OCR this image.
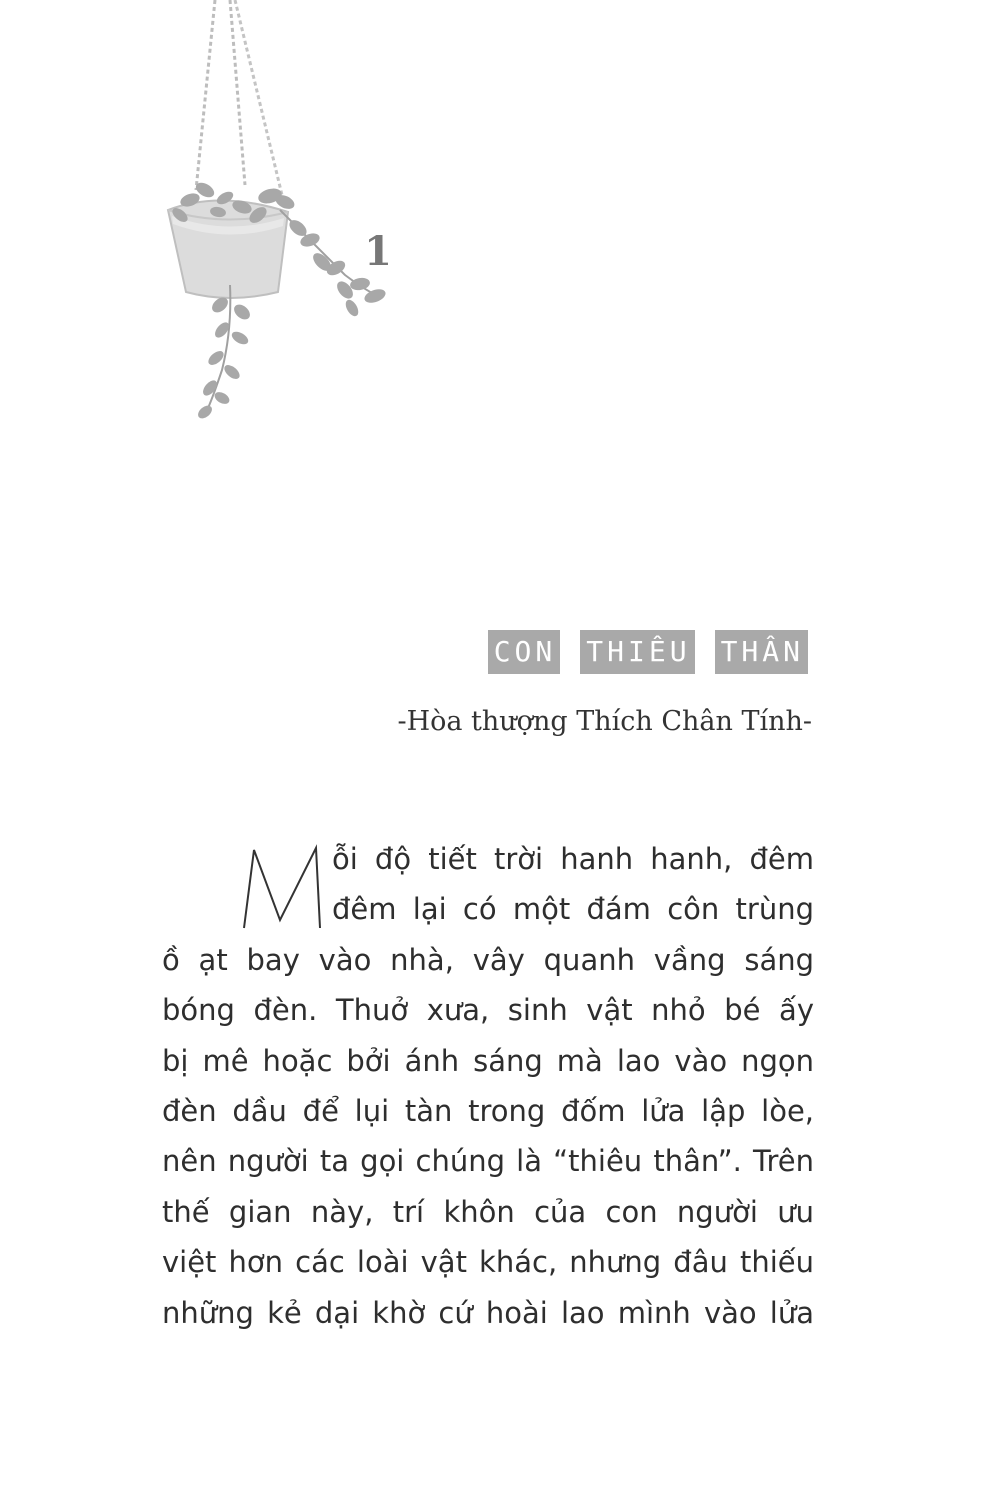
1
CON THIÊU THÂN
-Hòa thượng Thích Chân Tính-
ỗi độ tiết trời hanh hanh, đêm
đêm lại có một đám côn trùng
ồ ạt bay vào nhà, vây quanh vầng sáng
bóng đèn. Thuở xưa, sinh vật nhỏ bé ấy
bị mê hoặc bởi ánh sáng mà lao vào ngọn
đèn dầu để lụi tàn trong đốm lửa lập lòe,
nên người ta gọi chúng là “thiêu thân”. Trên
thế gian này, trí khôn của con người ưu
việt hơn các loài vật khác, nhưng đâu thiếu
những kẻ dại khờ cứ hoài lao mình vào lửa
